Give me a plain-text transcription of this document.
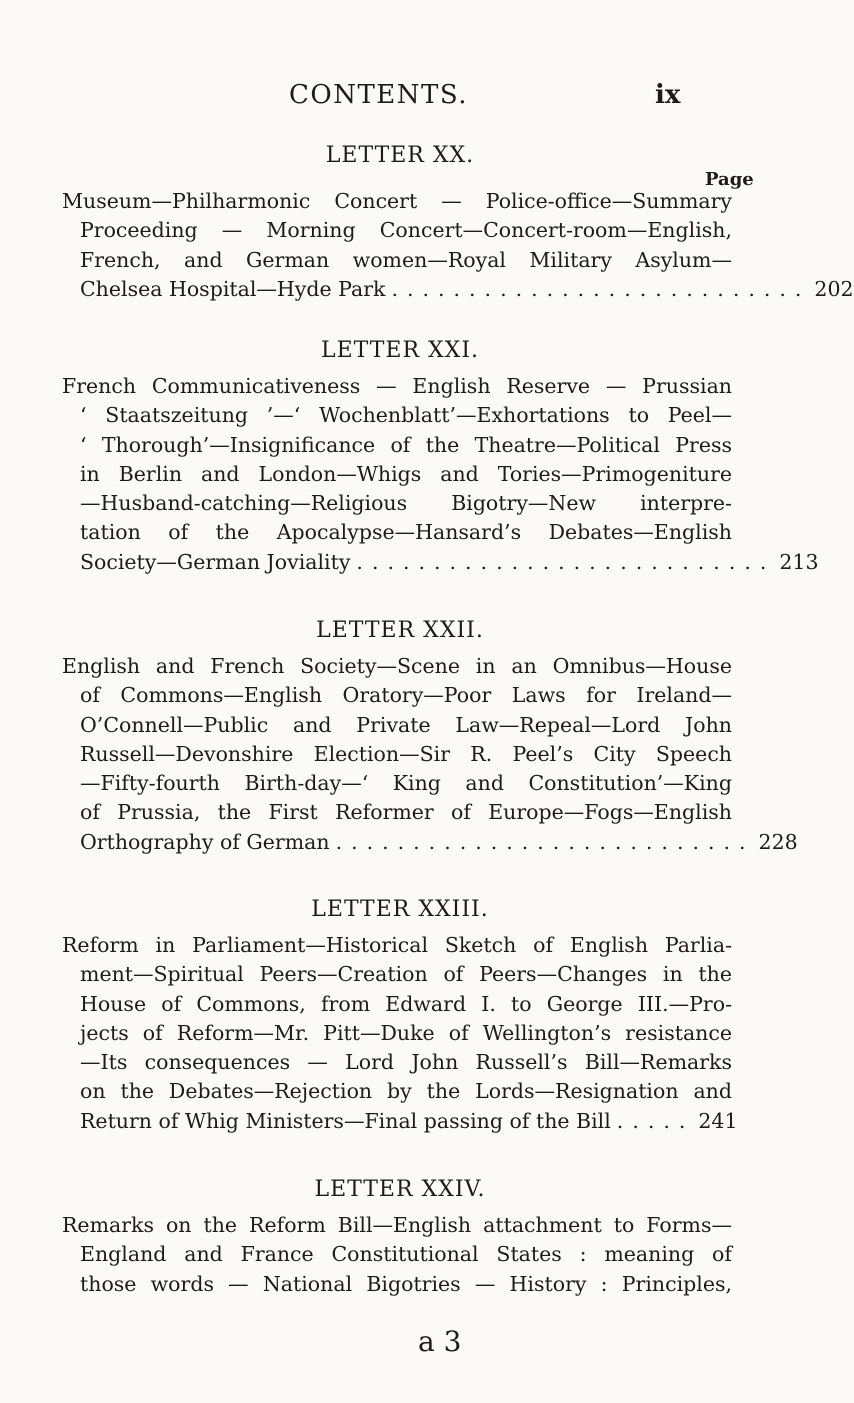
CONTENTS.	ix
LETTER XX.
Page
Museum—Philharmonic Concert — Police-office—Summary
Proceeding — Morning Concert—Concert-room—English,
French, and German women—Royal Military Asylum—
Chelsea Hospital—Hyde Park ........................... 202
LETTER XXI.
French Communicativeness — English Reserve — Prussian
‘ Staatszeitung ’—‘ Wochenblatt’—Exhortations to Peel—
‘ Thorough’—Insignificance of the Theatre—Political Press
in Berlin and London—Whigs and Tories—Primogeniture
—Husband-catching—Religious Bigotry—New interpre-
tation of the Apocalypse—Hansard’s Debates—English
Society—German Joviality ........................... 213
LETTER XXII.
English and French Society—Scene in an Omnibus—House
of Commons—English Oratory—Poor Laws for Ireland—
O’Connell—Public and Private Law—Repeal—Lord John
Russell—Devonshire Election—Sir R. Peel’s City Speech
—Fifty-fourth Birth-day—‘ King and Constitution’—King
of Prussia, the First Reformer of Europe—Fogs—English
Orthography of German ........................... 228
LETTER XXIII.
Reform in Parliament—Historical Sketch of English Parlia-
ment—Spiritual Peers—Creation of Peers—Changes in the
House of Commons, from Edward I. to George III.—Pro-
jects of Reform—Mr. Pitt—Duke of Wellington’s resistance
—Its consequences — Lord John Russell’s Bill—Remarks
on the Debates—Rejection by the Lords—Resignation and
Return of Whig Ministers—Final passing of the Bill ..... 241
LETTER XXIV.
Remarks on the Reform Bill—English attachment to Forms—
England and France Constitutional States : meaning of
those words — National Bigotries — History : Principles,
a 3
